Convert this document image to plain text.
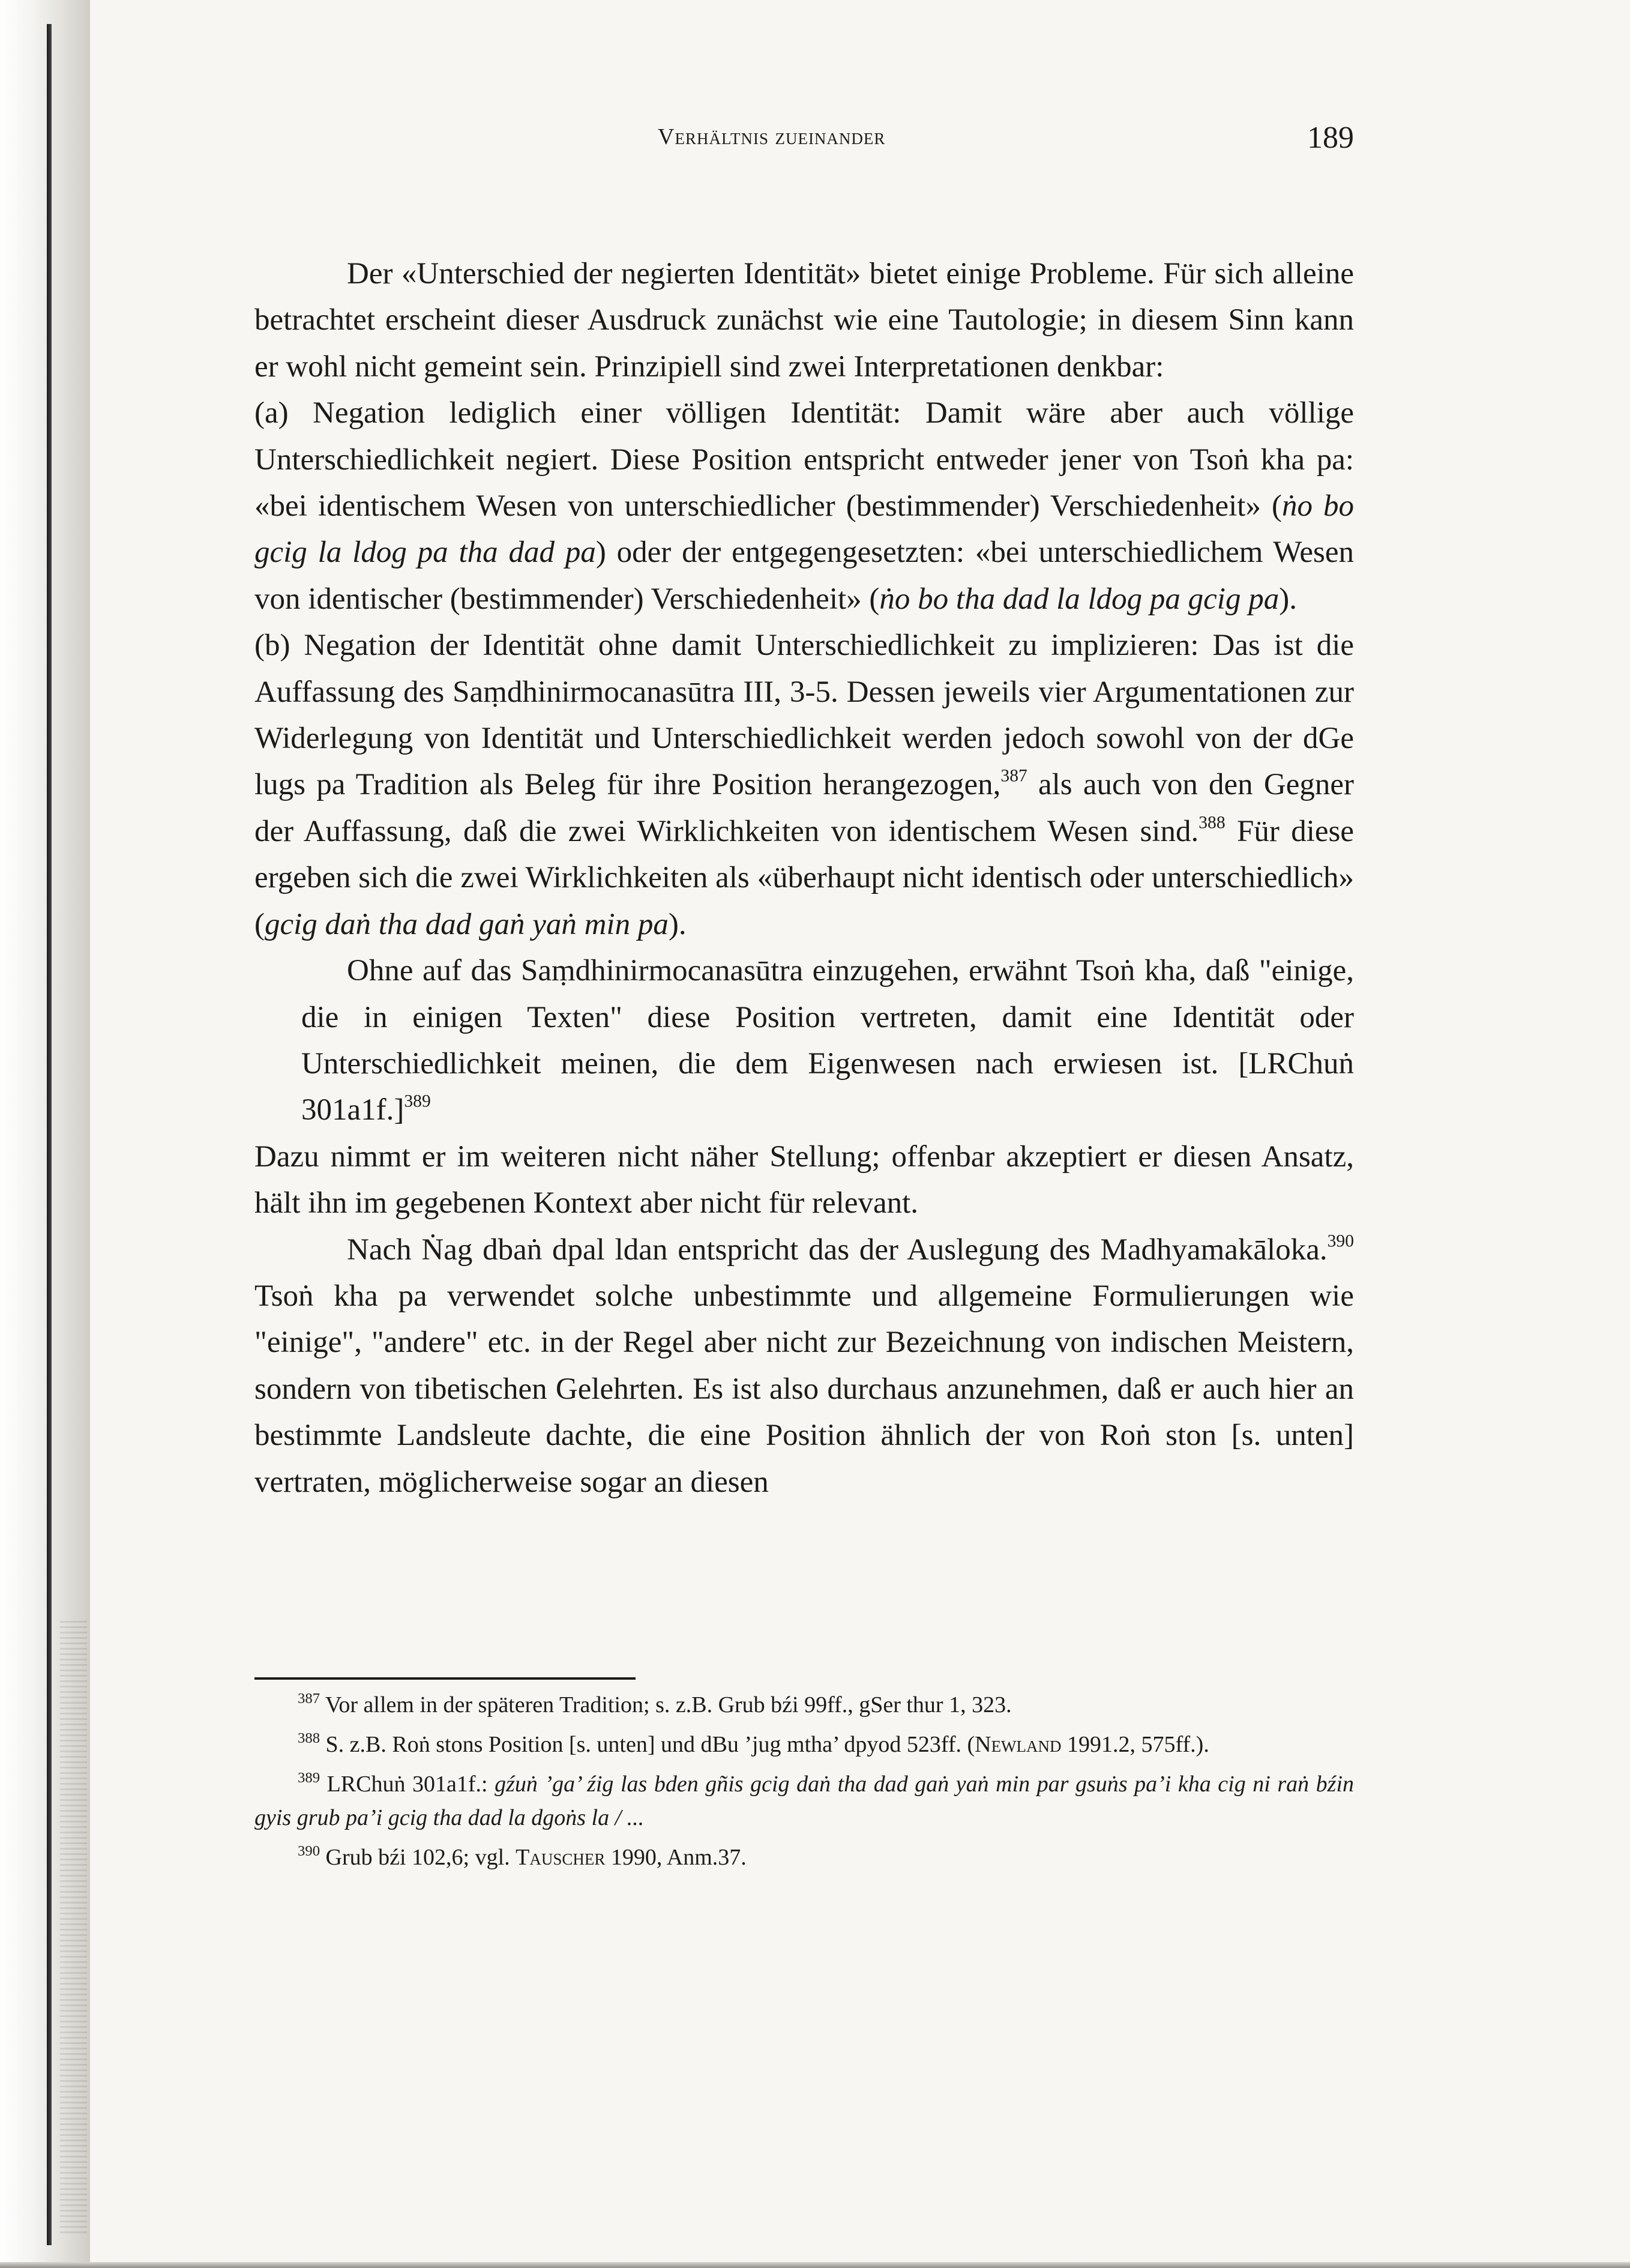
Verhältnis zueinander	189

Der «Unterschied der negierten Identität» bietet einige Probleme. Für sich alleine betrachtet erscheint dieser Ausdruck zunächst wie eine Tautologie; in diesem Sinn kann er wohl nicht gemeint sein. Prinzipiell sind zwei Interpretationen denkbar:

(a) Negation lediglich einer völligen Identität: Damit wäre aber auch völlige Unterschiedlichkeit negiert. Diese Position entspricht entweder jener von Tsoṅ kha pa: «bei identischem Wesen von unterschiedlicher (bestimmender) Verschiedenheit» (ṅo bo gcig la ldog pa tha dad pa) oder der entgegengesetzten: «bei unterschiedlichem Wesen von identischer (bestimmender) Verschiedenheit» (ṅo bo tha dad la ldog pa gcig pa).

(b) Negation der Identität ohne damit Unterschiedlichkeit zu implizieren: Das ist die Auffassung des Saṃdhinirmocanasūtra III, 3-5. Dessen jeweils vier Argumentationen zur Widerlegung von Identität und Unterschiedlichkeit werden jedoch sowohl von der dGe lugs pa Tradition als Beleg für ihre Position herangezogen,$^{387}$ als auch von den Gegner der Auffassung, daß die zwei Wirklichkeiten von identischem Wesen sind.$^{388}$ Für diese ergeben sich die zwei Wirklichkeiten als «überhaupt nicht identisch oder unterschiedlich» (gcig daṅ tha dad gaṅ yaṅ min pa).

Ohne auf das Saṃdhinirmocanasūtra einzugehen, erwähnt Tsoṅ kha, daß "einige, die in einigen Texten" diese Position vertreten, damit eine Identität oder Unterschiedlichkeit meinen, die dem Eigenwesen nach erwiesen ist. [LRChuṅ 301a1f.]$^{389}$

Dazu nimmt er im weiteren nicht näher Stellung; offenbar akzeptiert er diesen Ansatz, hält ihn im gegebenen Kontext aber nicht für relevant.

Nach Ṅag dbaṅ dpal ldan entspricht das der Auslegung des Madhyamakāloka.$^{390}$ Tsoṅ kha pa verwendet solche unbestimmte und allgemeine Formulierungen wie "einige", "andere" etc. in der Regel aber nicht zur Bezeichnung von indischen Meistern, sondern von tibetischen Gelehrten. Es ist also durchaus anzunehmen, daß er auch hier an bestimmte Landsleute dachte, die eine Position ähnlich der von Roṅ ston [s. unten] vertraten, möglicherweise sogar an diesen

$^{387}$ Vor allem in der späteren Tradition; s. z.B. Grub bźi 99ff., gSer thur 1, 323.

$^{388}$ S. z.B. Roṅ stons Position [s. unten] und dBu ’jug mtha’ dpyod 523ff. (Newland 1991.2, 575ff.).

$^{389}$ LRChuṅ 301a1f.: gźuṅ ’ga’ źig las bden gñis gcig daṅ tha dad gaṅ yaṅ min par gsuṅs pa’i kha cig ni raṅ bźin gyis grub pa’i gcig tha dad la dgoṅs la / ...

$^{390}$ Grub bźi 102,6; vgl. Tauscher 1990, Anm.37.
